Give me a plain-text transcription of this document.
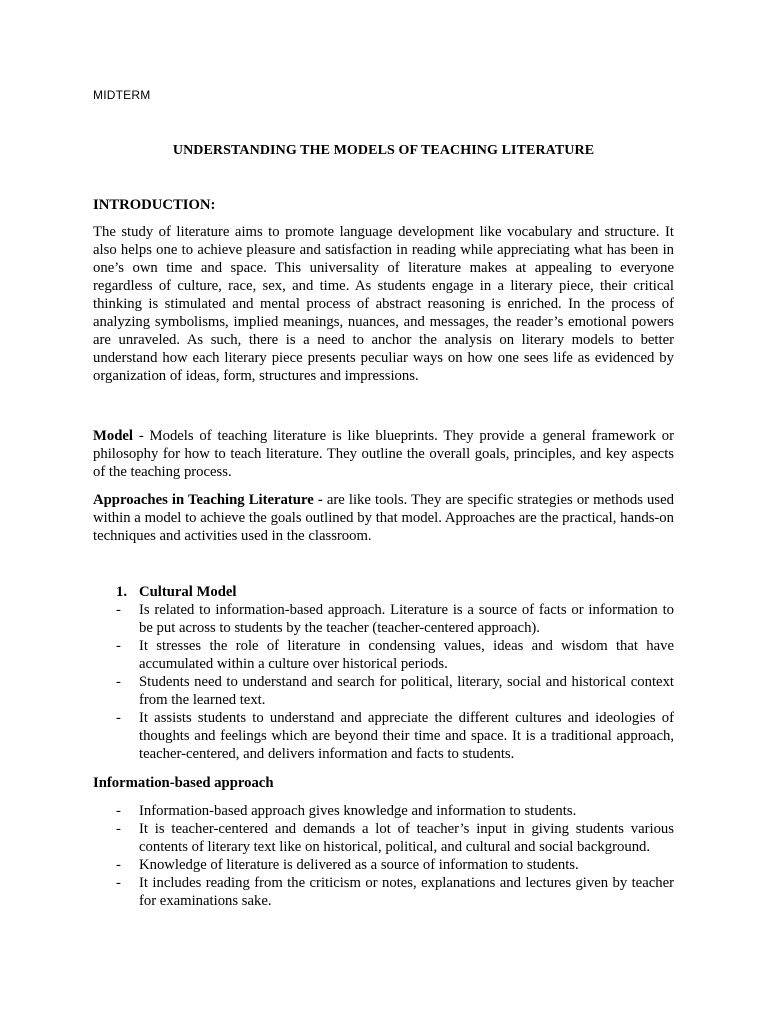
MIDTERM
UNDERSTANDING THE MODELS OF TEACHING LITERATURE
INTRODUCTION:

The study of literature aims to promote language development like vocabulary and structure. It also helps one to achieve pleasure and satisfaction in reading while appreciating what has been in one’s own time and space. This universality of literature makes at appealing to everyone regardless of culture, race, sex, and time. As students engage in a literary piece, their critical thinking is stimulated and mental process of abstract reasoning is enriched. In the process of analyzing symbolisms, implied meanings, nuances, and messages, the reader’s emotional powers are unraveled. As such, there is a need to anchor the analysis on literary models to better understand how each literary piece presents peculiar ways on how one sees life as evidenced by organization of ideas, form, structures and impressions.

Model - Models of teaching literature is like blueprints. They provide a general framework or philosophy for how to teach literature. They outline the overall goals, principles, and key aspects of the teaching process.

Approaches in Teaching Literature - are like tools. They are specific strategies or methods used within a model to achieve the goals outlined by that model. Approaches are the practical, hands-on techniques and activities used in the classroom.

1. Cultural Model
- Is related to information-based approach. Literature is a source of facts or information to be put across to students by the teacher (teacher-centered approach).
- It stresses the role of literature in condensing values, ideas and wisdom that have accumulated within a culture over historical periods.
- Students need to understand and search for political, literary, social and historical context from the learned text.
- It assists students to understand and appreciate the different cultures and ideologies of thoughts and feelings which are beyond their time and space. It is a traditional approach, teacher-centered, and delivers information and facts to students.
Information-based approach
- Information-based approach gives knowledge and information to students.
- It is teacher-centered and demands a lot of teacher’s input in giving students various contents of literary text like on historical, political, and cultural and social background.
- Knowledge of literature is delivered as a source of information to students.
- It includes reading from the criticism or notes, explanations and lectures given by teacher for examinations sake.
